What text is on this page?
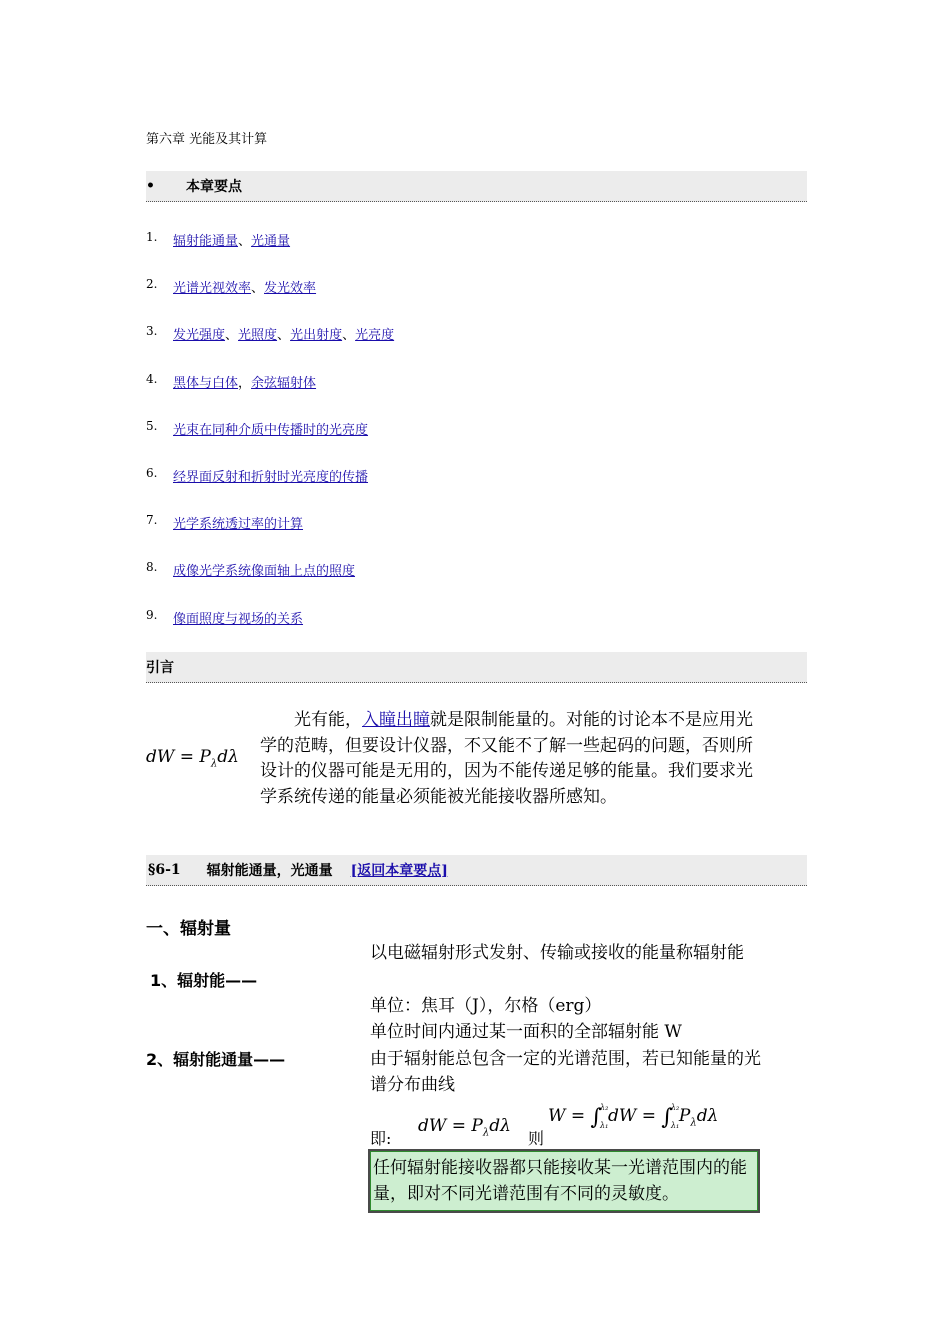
第六章 光能及其计算
•	本章要点
1.	辐射能通量、光通量
2.	光谱光视效率、发光效率
3.	发光强度、光照度、光出射度、光亮度
4.	黑体与白体，余弦辐射体
5.	光束在同种介质中传播时的光亮度
6.	经界面反射和折射时光亮度的传播
7.	光学系统透过率的计算
8.	成像光学系统像面轴上点的照度
9.	像面照度与视场的关系
引言
dW = $P_\lambda d\lambda$
光有能，入瞳出瞳就是限制能量的。对能的讨论本不是应用光学的范畴，但要设计仪器，不又能不了解一些起码的问题，否则所设计的仪器可能是无用的，因为不能传递足够的能量。我们要求光学系统传递的能量必须能被光能接收器所感知。
§6-1 辐射能通量，光通量 [返回本章要点]
一、辐射量
1、辐射能——
以电磁辐射形式发射、传输或接收的能量称辐射能
单位：焦耳（J），尔格（erg）
2、辐射能通量——
单位时间内通过某一面积的全部辐射能 W
由于辐射能总包含一定的光谱范围，若已知能量的光谱分布曲线
即:
dW = $P_\lambda d\lambda$
则
W = ∫λ₂

λ₁dW = ∫λ₂

$\lambda_1P_\lambda d\lambda$
任何辐射能接收器都只能接收某一光谱范围内的能量，即对不同光谱范围有不同的灵敏度。
